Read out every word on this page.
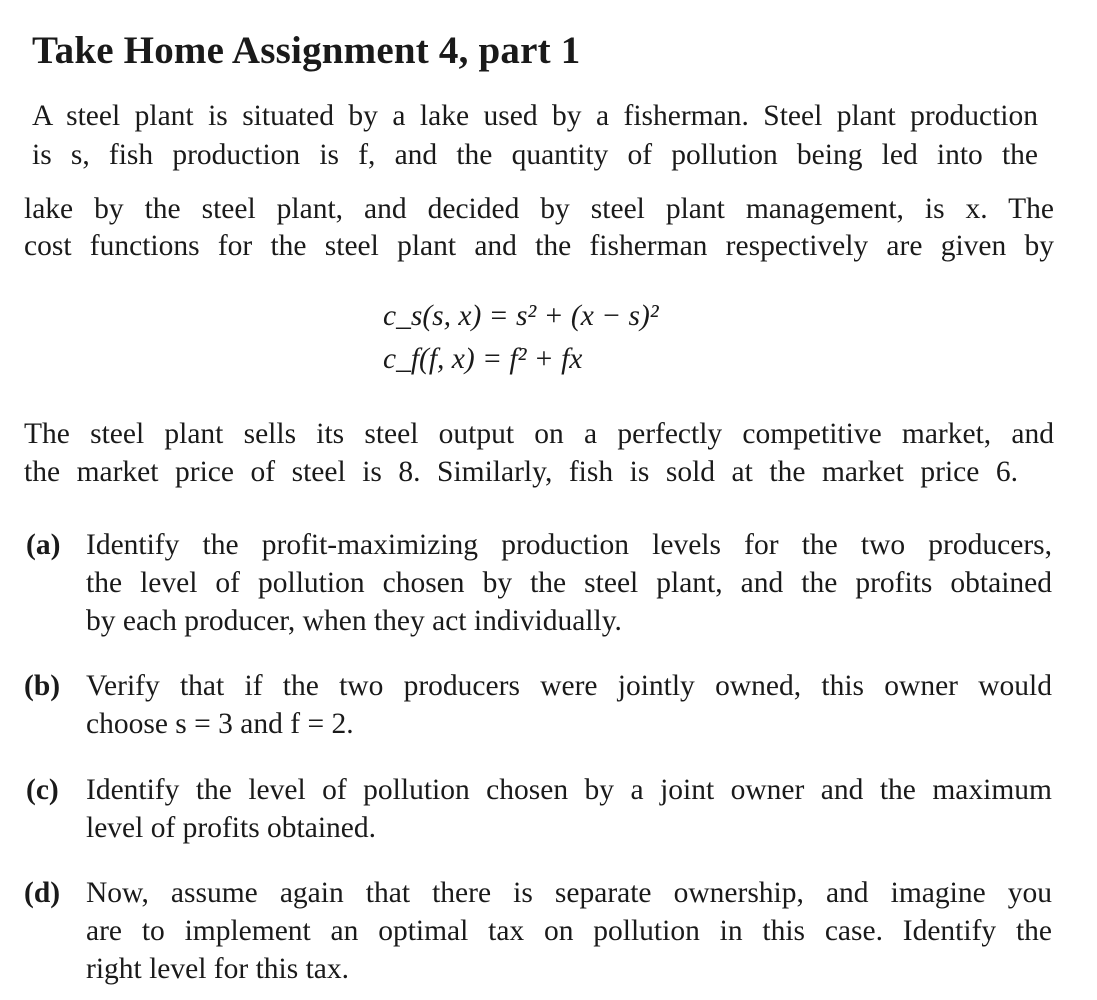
Take Home Assignment 4, part 1
A steel plant is situated by a lake used by a fisherman. Steel plant production
is s, fish production is f, and the quantity of pollution being led into the
lake by the steel plant, and decided by steel plant management, is x. The
cost functions for the steel plant and the fisherman respectively are given by
c_s(s, x) = s² + (x − s)²
c_f(f, x) = f² + fx
The steel plant sells its steel output on a perfectly competitive market, and
the market price of steel is 8. Similarly, fish is sold at the market price 6.
(a) Identify the profit-maximizing production levels for the two producers,
the level of pollution chosen by the steel plant, and the profits obtained
by each producer, when they act individually.
(b) Verify that if the two producers were jointly owned, this owner would
choose s = 3 and f = 2.
(c) Identify the level of pollution chosen by a joint owner and the maximum
level of profits obtained.
(d) Now, assume again that there is separate ownership, and imagine you
are to implement an optimal tax on pollution in this case. Identify the
right level for this tax.
